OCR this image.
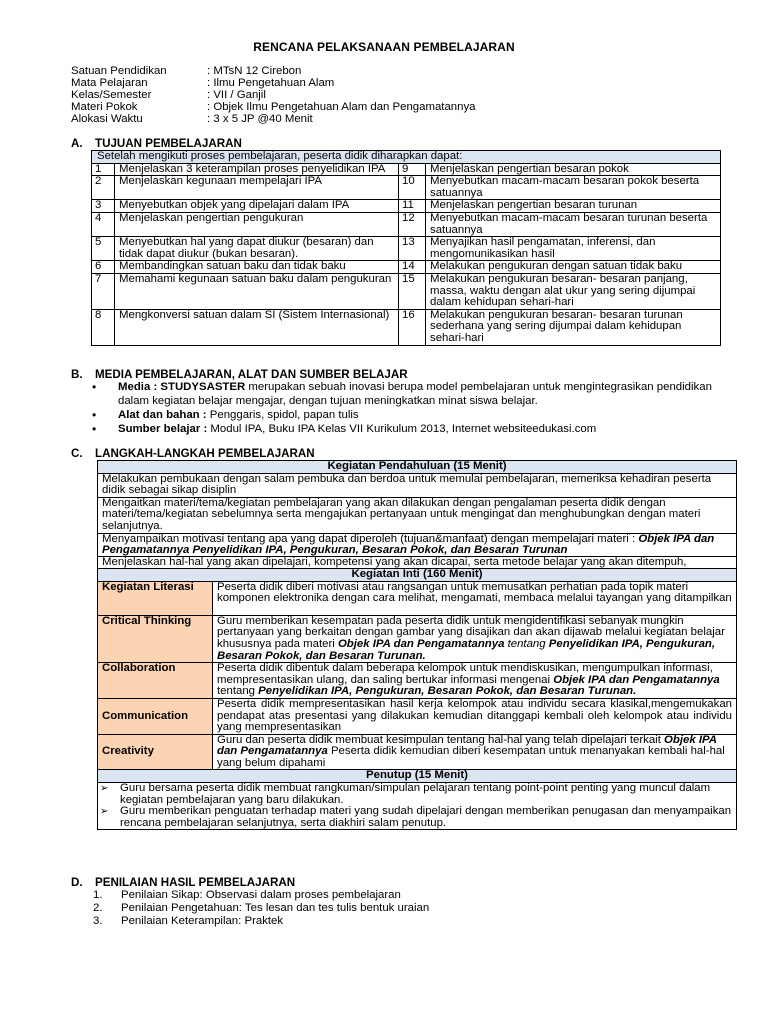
RENCANA PELAKSANAAN PEMBELAJARAN
Satuan Pendidikan	: MTsN 12 Cirebon
Mata Pelajaran	: Ilmu Pengetahuan Alam
Kelas/Semester	: VII / Ganjil
Materi Pokok	: Objek Ilmu Pengetahuan Alam dan Pengamatannya
Alokasi Waktu	: 3 x 5 JP @40 Menit
A. TUJUAN PEMBELAJARAN
Setelah mengikuti proses pembelajaran, peserta didik diharapkan dapat:			
1	Menjelaskan 3 keterampilan proses penyelidikan IPA	9	Menjelaskan pengertian besaran pokok
2	Menjelaskan kegunaan mempelajari IPA	10	Menyebutkan macam-macam besaran pokok beserta satuannya
3	Menyebutkan objek yang dipelajari dalam IPA	11	Menjelaskan pengertian besaran turunan
4	Menjelaskan pengertian pengukuran	12	Menyebutkan macam-macam besaran turunan beserta satuannya
5	Menyebutkan hal yang dapat diukur (besaran) dan tidak dapat diukur (bukan besaran).	13	Menyajikan hasil pengamatan, inferensi, dan mengomunikasikan hasil
6	Membandingkan satuan baku dan tidak baku	14	Melakukan pengukuran dengan satuan tidak baku
7	Memahami kegunaan satuan baku dalam pengukuran	15	Melakukan pengukuran besaran- besaran panjang, massa, waktu dengan alat ukur yang sering dijumpai dalam kehidupan sehari-hari
8	Mengkonversi satuan dalam SI (Sistem Internasional)	16	Melakukan pengukuran besaran- besaran turunan sederhana yang sering dijumpai dalam kehidupan sehari-hari
B. MEDIA PEMBELAJARAN, ALAT DAN SUMBER BELAJAR
• Media : STUDYSASTER merupakan sebuah inovasi berupa model pembelajaran untuk mengintegrasikan pendidikan dalam kegiatan belajar mengajar, dengan tujuan meningkatkan minat siswa belajar.
• Alat dan bahan : Penggaris, spidol, papan tulis
• Sumber belajar : Modul IPA, Buku IPA Kelas VII Kurikulum 2013, Internet websiteedukasi.com
C. LANGKAH-LANGKAH PEMBELAJARAN
Kegiatan Pendahuluan (15 Menit)	
Melakukan pembukaan dengan salam pembuka dan berdoa untuk memulai pembelajaran, memeriksa kehadiran peserta didik sebagai sikap disiplin	
Mengaitkan materi/tema/kegiatan pembelajaran yang akan dilakukan dengan pengalaman peserta didik dengan materi/tema/kegiatan sebelumnya serta mengajukan pertanyaan untuk mengingat dan menghubungkan dengan materi selanjutnya.	

Menyampaikan motivasi tentang apa yang dapat diperoleh (tujuan&manfaat) dengan mempelajari materi : Objek IPA dan Pengamatannya Penyelidikan IPA, Pengukuran, Besaran Pokok, dan Besaran Turunan	

Menjelaskan hal-hal yang akan dipelajari, kompetensi yang akan dicapai, serta metode belajar yang akan ditempuh,	
Kegiatan Inti (160 Menit)	
Kegiatan Literasi	Peserta didik diberi motivasi atau rangsangan untuk memusatkan perhatian pada topik materi komponen elektronika dengan cara melihat, mengamati, membaca melalui tayangan yang ditampilkan

Critical Thinking	Guru memberikan kesempatan pada peserta didik untuk mengidentifikasi sebanyak mungkin pertanyaan yang berkaitan dengan gambar yang disajikan dan akan dijawab melalui kegiatan belajar khususnya pada materi Objek IPA dan Pengamatannya tentang Penyelidikan IPA, Pengukuran, Besaran Pokok, dan Besaran Turunan.
Collaboration	Peserta didik dibentuk dalam beberapa kelompok untuk mendiskusikan, mengumpulkan informasi, mempresentasikan ulang, dan saling bertukar informasi mengenai Objek IPA dan Pengamatannya tentang Penyelidikan IPA, Pengukuran, Besaran Pokok, dan Besaran Turunan.
Communication	Peserta didik mempresentasikan hasil kerja kelompok atau individu secara klasikal,mengemukakan pendapat atas presentasi yang dilakukan kemudian ditanggapi kembali oleh kelompok atau individu yang mempresentasikan
Creativity	Guru dan peserta didik membuat kesimpulan tentang hal-hal yang telah dipelajari terkait Objek IPA dan Pengamatannya Peserta didik kemudian diberi kesempatan untuk menanyakan kembali hal-hal yang belum dipahami
Penutup (15 Menit)	

➢ Guru bersama peserta didik membuat rangkuman/simpulan pelajaran tentang point-point penting yang muncul dalam kegiatan pembelajaran yang baru dilakukan.
➢ Guru memberikan penguatan terhadap materi yang sudah dipelajari dengan memberikan penugasan dan menyampaikan rencana pembelajaran selanjutnya, serta diakhiri salam penutup.
D. PENILAIAN HASIL PEMBELAJARAN
1. Penilaian Sikap: Observasi dalam proses pembelajaran
2. Penilaian Pengetahuan: Tes lesan dan tes tulis bentuk uraian
3. Penilaian Keterampilan: Praktek
